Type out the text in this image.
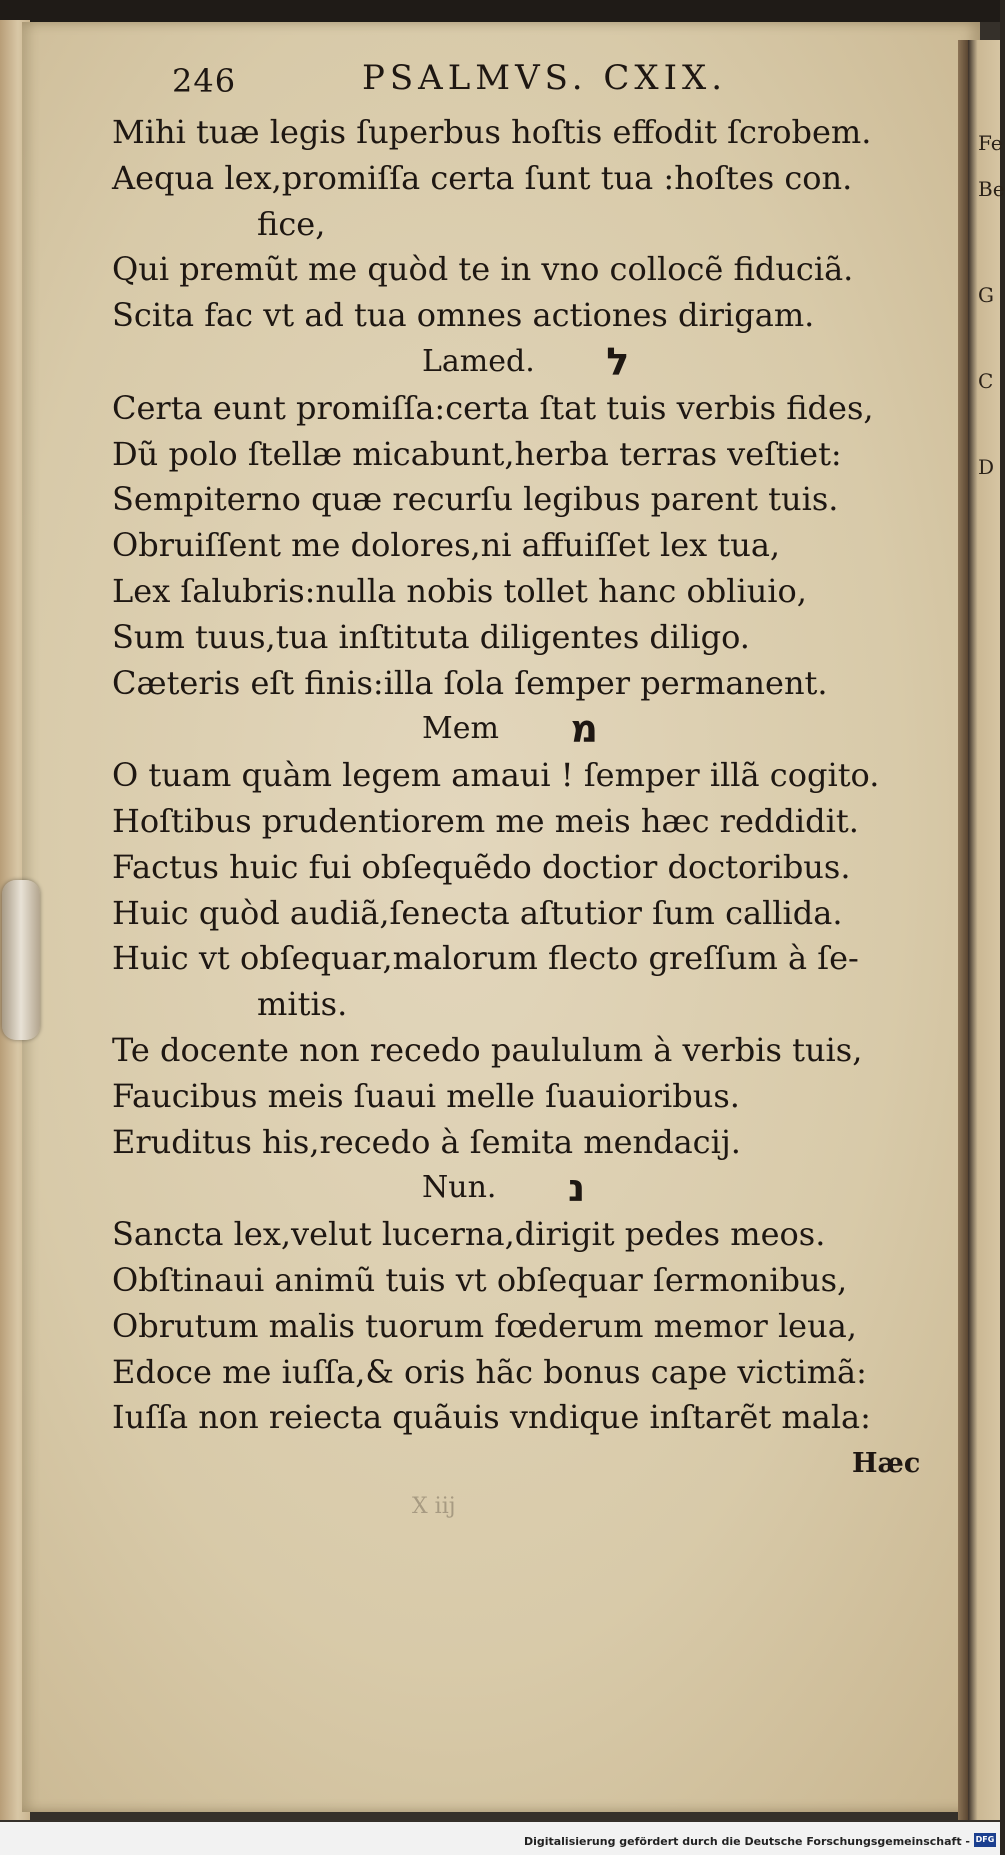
Fe
Be
G
C
D
246	PSALMVS. CXIX.
Mihi tuæ legis ſuperbus hoſtis effodit ſcrobem.
Aequa lex,promiſſa certa ſunt tua :hoſtes con.
fice,
Qui premũt me quòd te in vno collocẽ fiduciã.
Scita fac vt ad tua omnes actiones dirigam.
Lamed. ל
Certa eunt promiſſa:certa ſtat tuis verbis fides,
Dũ polo ſtellæ micabunt,herba terras veſtiet:
Sempiterno quæ recurſu legibus parent tuis.
Obruiſſent me dolores,ni affuiſſet lex tua,
Lex ſalubris:nulla nobis tollet hanc obliuio,
Sum tuus,tua inſtituta diligentes diligo.
Cæteris eſt finis:illa ſola ſemper permanent.
Mem מ
O tuam quàm legem amaui ! ſemper illã cogito.
Hoſtibus prudentiorem me meis hæc reddidit.
Factus huic fui obſequẽdo doctior doctoribus.
Huic quòd audiã,ſenecta aſtutior ſum callida.
Huic vt obſequar,malorum flecto greſſum à ſe-
mitis.
Te docente non recedo paululum à verbis tuis,
Faucibus meis ſuaui melle ſuauioribus.
Eruditus his,recedo à ſemita mendacij.
Nun. נ
Sancta lex,velut lucerna,dirigit pedes meos.
Obſtinaui animũ tuis vt obſequar ſermonibus,
Obrutum malis tuorum fœderum memor leua,
Edoce me iuſſa,& oris hãc bonus cape victimã:
Iuſſa non reiecta quãuis vndique inſtarẽt mala:
Hæc
X iij
Digitalisierung gefördert durch die Deutsche Forschungsgemeinschaft - DFG
